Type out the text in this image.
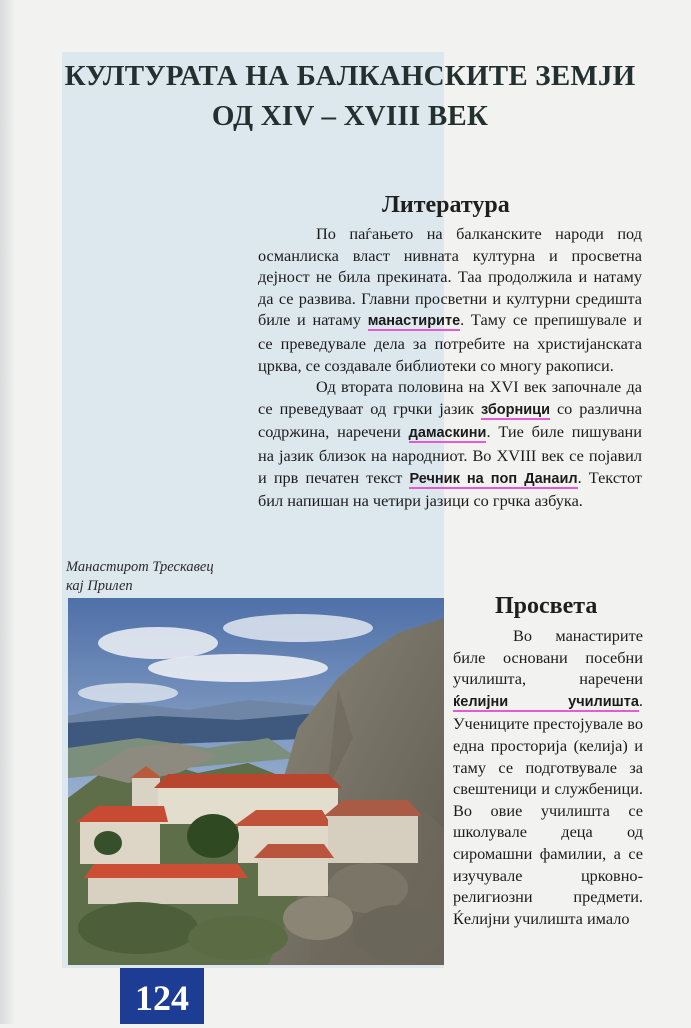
КУЛТУРАТА НА БАЛКАНСКИТЕ ЗЕМЈИ
ОД XIV – XVIII ВЕК
Литература

По паѓањето на балканските народи под османлиска власт нивната културна и просветна дејност не била прекината. Таа продолжила и натаму да се развива. Главни просветни и културни средишта биле и натаму манастирите. Таму се препишувале и се преведувале дела за потребите на христијанската црква, се создавале библиотеки со многу ракописи.

Од втората половина на XVI век започнале да се преведуваат од грчки јазик зборници со различна содржина, наречени дамаскини. Тие биле пишувани на јазик близок на народниот. Во XVIII век се појавил и прв печатен текст Речник на поп Данаил. Текстот бил напишан на четири јазици со грчка азбука.

Манастирот Трескавец
кај Прилеп

Просвета

Во манастирите биле основани посебни училишта, наречени ќелијни училишта. Учениците престојувале во една просторија (келија) и таму се подготвувале за свештеници и службеници. Во овие училишта се школувале деца од сиромашни фамилии, а се изучувале црковно-религиозни предмети. Ќелијни училишта имало

124
